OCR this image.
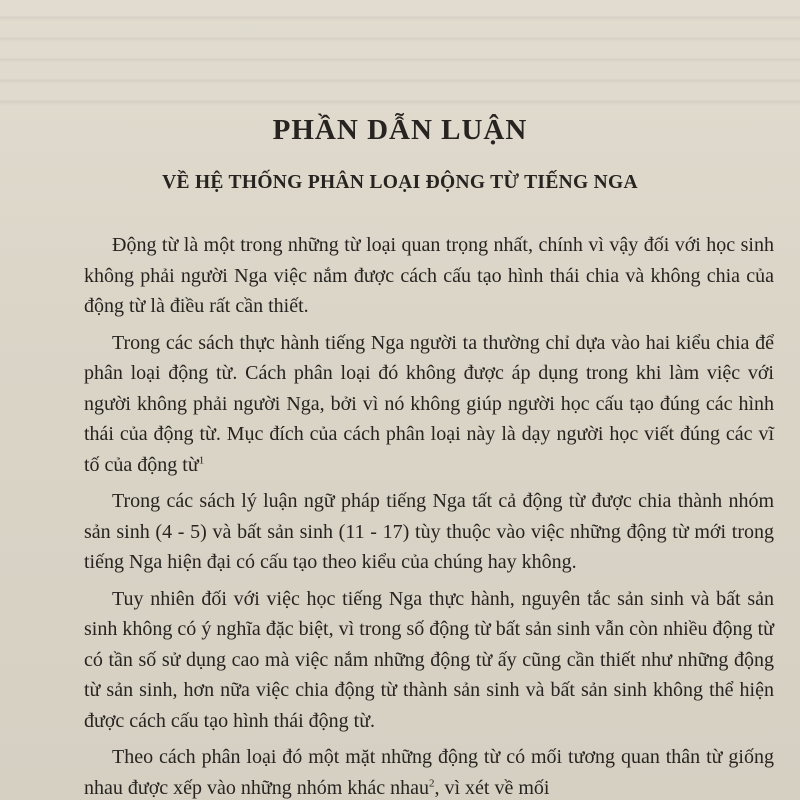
PHẦN DẪN LUẬN
VỀ HỆ THỐNG PHÂN LOẠI ĐỘNG TỪ TIẾNG NGA

Động từ là một trong những từ loại quan trọng nhất, chính vì vậy đối với học sinh không phải người Nga việc nắm được cách cấu tạo hình thái chia và không chia của động từ là điều rất cần thiết.

Trong các sách thực hành tiếng Nga người ta thường chỉ dựa vào hai kiểu chia để phân loại động từ. Cách phân loại đó không được áp dụng trong khi làm việc với người không phải người Nga, bởi vì nó không giúp người học cấu tạo đúng các hình thái của động từ. Mục đích của cách phân loại này là dạy người học viết đúng các vĩ tố của động từ$^1$

Trong các sách lý luận ngữ pháp tiếng Nga tất cả động từ được chia thành nhóm sản sinh (4 - 5) và bất sản sinh (11 - 17) tùy thuộc vào việc những động từ mới trong tiếng Nga hiện đại có cấu tạo theo kiểu của chúng hay không.

Tuy nhiên đối với việc học tiếng Nga thực hành, nguyên tắc sản sinh và bất sản sinh không có ý nghĩa đặc biệt, vì trong số động từ bất sản sinh vẫn còn nhiều động từ có tần số sử dụng cao mà việc nắm những động từ ấy cũng cần thiết như những động từ sản sinh, hơn nữa việc chia động từ thành sản sinh và bất sản sinh không thể hiện được cách cấu tạo hình thái động từ.

Theo cách phân loại đó một mặt những động từ có mối tương quan thân từ giống nhau được xếp vào những nhóm khác nhau$^2$, vì xét về mối
